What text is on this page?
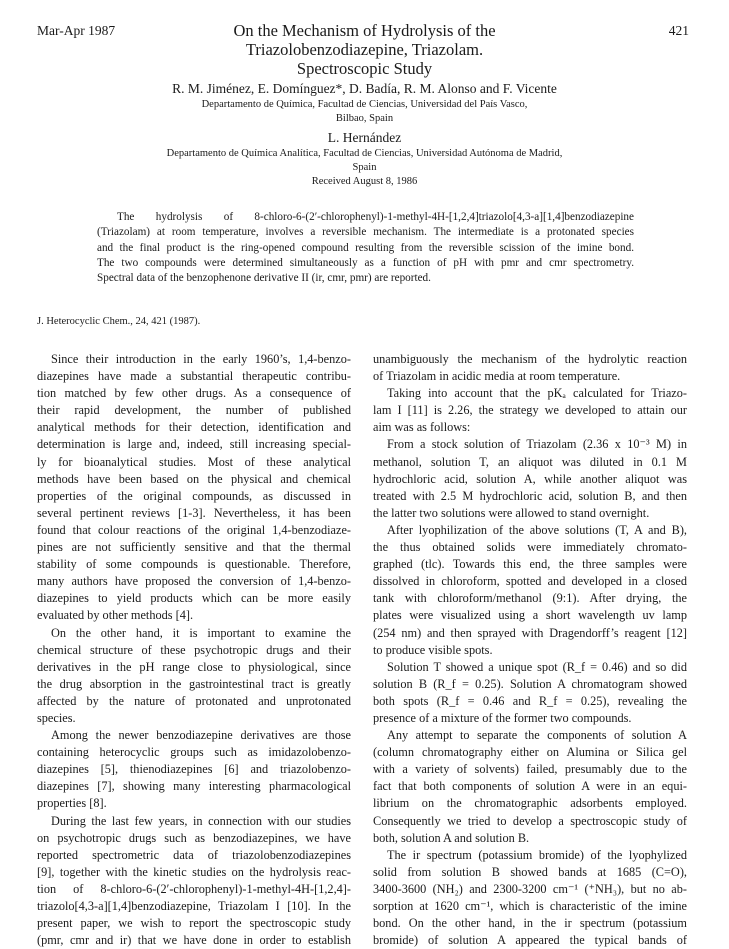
Mar-Apr 1987	421
On the Mechanism of Hydrolysis of the
Triazolobenzodiazepine, Triazolam.
Spectroscopic Study
R. M. Jiménez, E. Domínguez*, D. Badía, R. M. Alonso and F. Vicente
Departamento de Química, Facultad de Ciencias, Universidad del País Vasco,
Bilbao, Spain
L. Hernández
Departamento de Química Analítica, Facultad de Ciencias, Universidad Autónoma de Madrid,
Spain
Received August 8, 1986
The hydrolysis of 8-chloro-6-(2′-chlorophenyl)-1-methyl-4H-[1,2,4]triazolo[4,3-a][1,4]benzodiazepine
(Triazolam) at room temperature, involves a reversible mechanism. The intermediate is a protonated species
and the final product is the ring-opened compound resulting from the reversible scission of the imine bond.
The two compounds were determined simultaneously as a function of pH with pmr and cmr spectrometry.
Spectral data of the benzophenone derivative II (ir, cmr, pmr) are reported.
J. Heterocyclic Chem., 24, 421 (1987).
Since their introduction in the early 1960’s, 1,4-benzo-
diazepines have made a substantial therapeutic contribu-
tion matched by few other drugs. As a consequence of
their rapid development, the number of published
analytical methods for their detection, identification and
determination is large and, indeed, still increasing special-
ly for bioanalytical studies. Most of these analytical
methods have been based on the physical and chemical
properties of the original compounds, as discussed in
several pertinent reviews [1-3]. Nevertheless, it has been
found that colour reactions of the original 1,4-benzodiaze-
pines are not sufficiently sensitive and that the thermal
stability of some compounds is questionable. Therefore,
many authors have proposed the conversion of 1,4-benzo-
diazepines to yield products which can be more easily
evaluated by other methods [4].
On the other hand, it is important to examine the
chemical structure of these psychotropic drugs and their
derivatives in the pH range close to physiological, since
the drug absorption in the gastrointestinal tract is greatly
affected by the nature of protonated and unprotonated
species.
Among the newer benzodiazepine derivatives are those
containing heterocyclic groups such as imidazolobenzo-
diazepines [5], thienodiazepines [6] and triazolobenzo-
diazepines [7], showing many interesting pharmacological
properties [8].
During the last few years, in connection with our studies
on psychotropic drugs such as benzodiazepines, we have
reported spectrometric data of triazolobenzodiazepines
[9], together with the kinetic studies on the hydrolysis reac-
tion of 8-chloro-6-(2′-chlorophenyl)-1-methyl-4H-[1,2,4]-
triazolo[4,3-a][1,4]benzodiazepine, Triazolam I [10]. In the
present paper, we wish to report the spectroscopic study
(pmr, cmr and ir) that we have done in order to establish
unambiguously the mechanism of the hydrolytic reaction
of Triazolam in acidic media at room temperature.
Taking into account that the pKₐ calculated for Triazo-
lam I [11] is 2.26, the strategy we developed to attain our
aim was as follows:
From a stock solution of Triazolam (2.36 x 10⁻³ M) in
methanol, solution T, an aliquot was diluted in 0.1 M
hydrochloric acid, solution A, while another aliquot was
treated with 2.5 M hydrochloric acid, solution B, and then
the latter two solutions were allowed to stand overnight.
After lyophilization of the above solutions (T, A and B),
the thus obtained solids were immediately chromato-
graphed (tlc). Towards this end, the three samples were
dissolved in chloroform, spotted and developed in a closed
tank with chloroform/methanol (9:1). After drying, the
plates were visualized using a short wavelength uv lamp
(254 nm) and then sprayed with Dragendorff’s reagent [12]
to produce visible spots.
Solution T showed a unique spot (R_f = 0.46) and so did
solution B (R_f = 0.25). Solution A chromatogram showed
both spots (R_f = 0.46 and R_f = 0.25), revealing the
presence of a mixture of the former two compounds.
Any attempt to separate the components of solution A
(column chromatography either on Alumina or Silica gel
with a variety of solvents) failed, presumably due to the
fact that both components of solution A were in an equi-
librium on the chromatographic adsorbents employed.
Consequently we tried to develop a spectroscopic study of
both, solution A and solution B.
The ir spectrum (potassium bromide) of the lyophylized
solid from solution B showed bands at 1685 (C=O),
3400-3600 (NH₂) and 2300-3200 cm⁻¹ (⁺NH₃), but no ab-
sorption at 1620 cm⁻¹, which is characteristic of the imine
bond. On the other hand, in the ir spectrum (potassium
bromide) of solution A appeared the typical bands of
